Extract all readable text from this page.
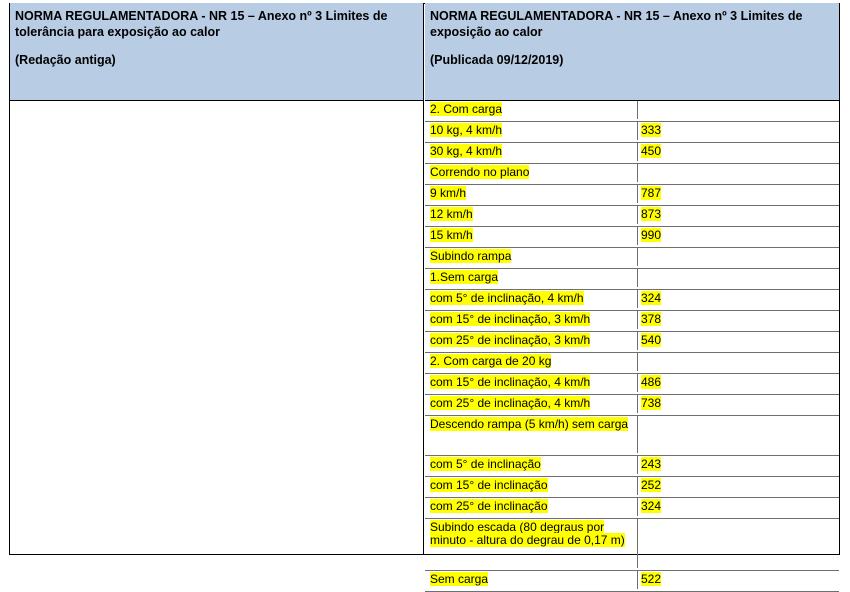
NORMA REGULAMENTADORA - NR 15 – Anexo nº 3 Limites de tolerância para exposição ao calor
(Redação antiga)
NORMA REGULAMENTADORA - NR 15 – Anexo nº 3 Limites de exposição ao calor
(Publicada 09/12/2019)
2. Com carga
10 kg, 4 km/h	333
30 kg, 4 km/h	450
Correndo no plano
9 km/h	787
12 km/h	873
15 km/h	990
Subindo rampa
1.Sem carga
com 5° de inclinação, 4 km/h	324
com 15° de inclinação, 3 km/h	378
com 25° de inclinação, 3 km/h	540
2. Com carga de 20 kg
com 15° de inclinação, 4 km/h	486
com 25° de inclinação, 4 km/h	738
Descendo rampa (5 km/h) sem carga
com 5° de inclinação	243
com 15° de inclinação	252
com 25° de inclinação	324
Subindo escada (80 degraus por minuto - altura do degrau de 0,17 m)
Sem carga	522
